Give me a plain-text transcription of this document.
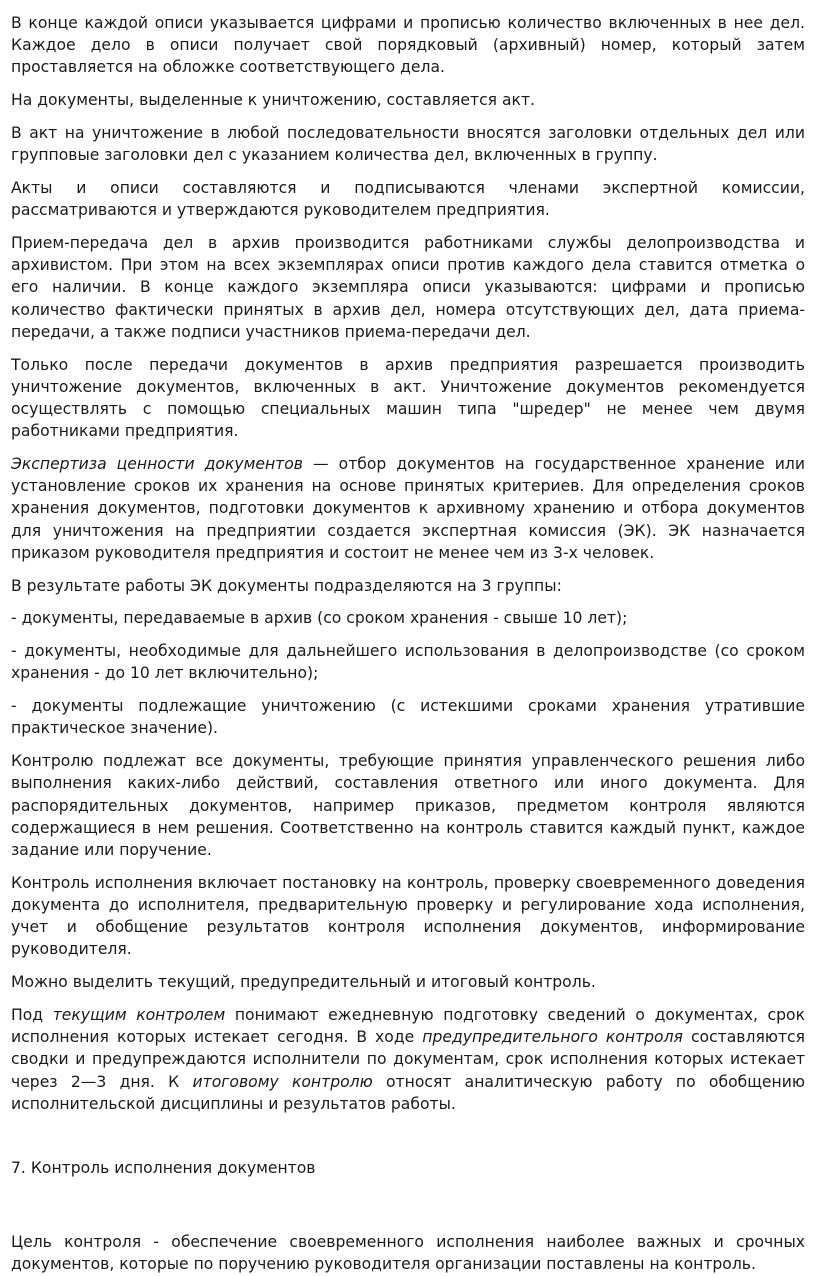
В конце каждой описи указывается цифрами и прописью количество включенных в нее дел. Каждое дело в описи получает свой порядковый (архивный) номер, который затем проставляется на обложке соответствующего дела.

На документы, выделенные к уничтожению, составляется акт.

В акт на уничтожение в любой последовательности вносятся заголовки отдельных дел или групповые заголовки дел с указанием количества дел, включенных в группу.

Акты и описи составляются и подписываются членами экспертной комиссии, рассматриваются и утверждаются руководителем предприятия.

Прием-передача дел в архив производится работниками службы делопроизводства и архивистом. При этом на всех экземплярах описи против каждого дела ставится отметка о его наличии. В конце каждого экземпляра описи указываются: цифрами и прописью количество фактически принятых в архив дел, номера отсутствующих дел, дата приема-передачи, а также подписи участников приема-передачи дел.

Только после передачи документов в архив предприятия разрешается производить уничтожение документов, включенных в акт. Уничтожение документов рекомендуется осуществлять с помощью специальных машин типа "шредер" не менее чем двумя работниками предприятия.

Экспертиза ценности документов — отбор документов на государственное хранение или установление сроков их хранения на основе принятых критериев. Для определения сроков хранения документов, подготовки документов к архивному хранению и отбора документов для уничтожения на предприятии создается экспертная комиссия (ЭК). ЭК назначается приказом руководителя предприятия и состоит не менее чем из 3-х человек.

В результате работы ЭК документы подразделяются на 3 группы:

- документы, передаваемые в архив (со сроком хранения - свыше 10 лет);

- документы, необходимые для дальнейшего использования в делопроизводстве (со сроком хранения - до 10 лет включительно);

- документы подлежащие уничтожению (с истекшими сроками хранения утратившие практическое значение).

Контролю подлежат все документы, требующие принятия управленческого решения либо выполнения каких-либо действий, составления ответного или иного документа. Для распорядительных документов, например приказов, предметом контроля являются содержащиеся в нем решения. Соответственно на контроль ставится каждый пункт, каждое задание или поручение.

Контроль исполнения включает постановку на контроль, проверку своевременного доведения документа до исполнителя, предварительную проверку и регулирование хода исполнения, учет и обобщение результатов контроля исполнения документов, информирование руководителя.

Можно выделить текущий, предупредительный и итоговый контроль.

Под текущим контролем понимают ежедневную подготовку сведений о документах, срок исполнения которых истекает сегодня. В ходе предупредительного контроля составляются сводки и предупреждаются исполнители по документам, срок исполнения которых истекает через 2—3 дня. К итоговому контролю относят аналитическую работу по обобщению исполнительской дисциплины и результатов работы.

7. Контроль исполнения документов

Цель контроля - обеспечение своевременного исполнения наиболее важных и срочных документов, которые по поручению руководителя организации поставлены на контроль.
